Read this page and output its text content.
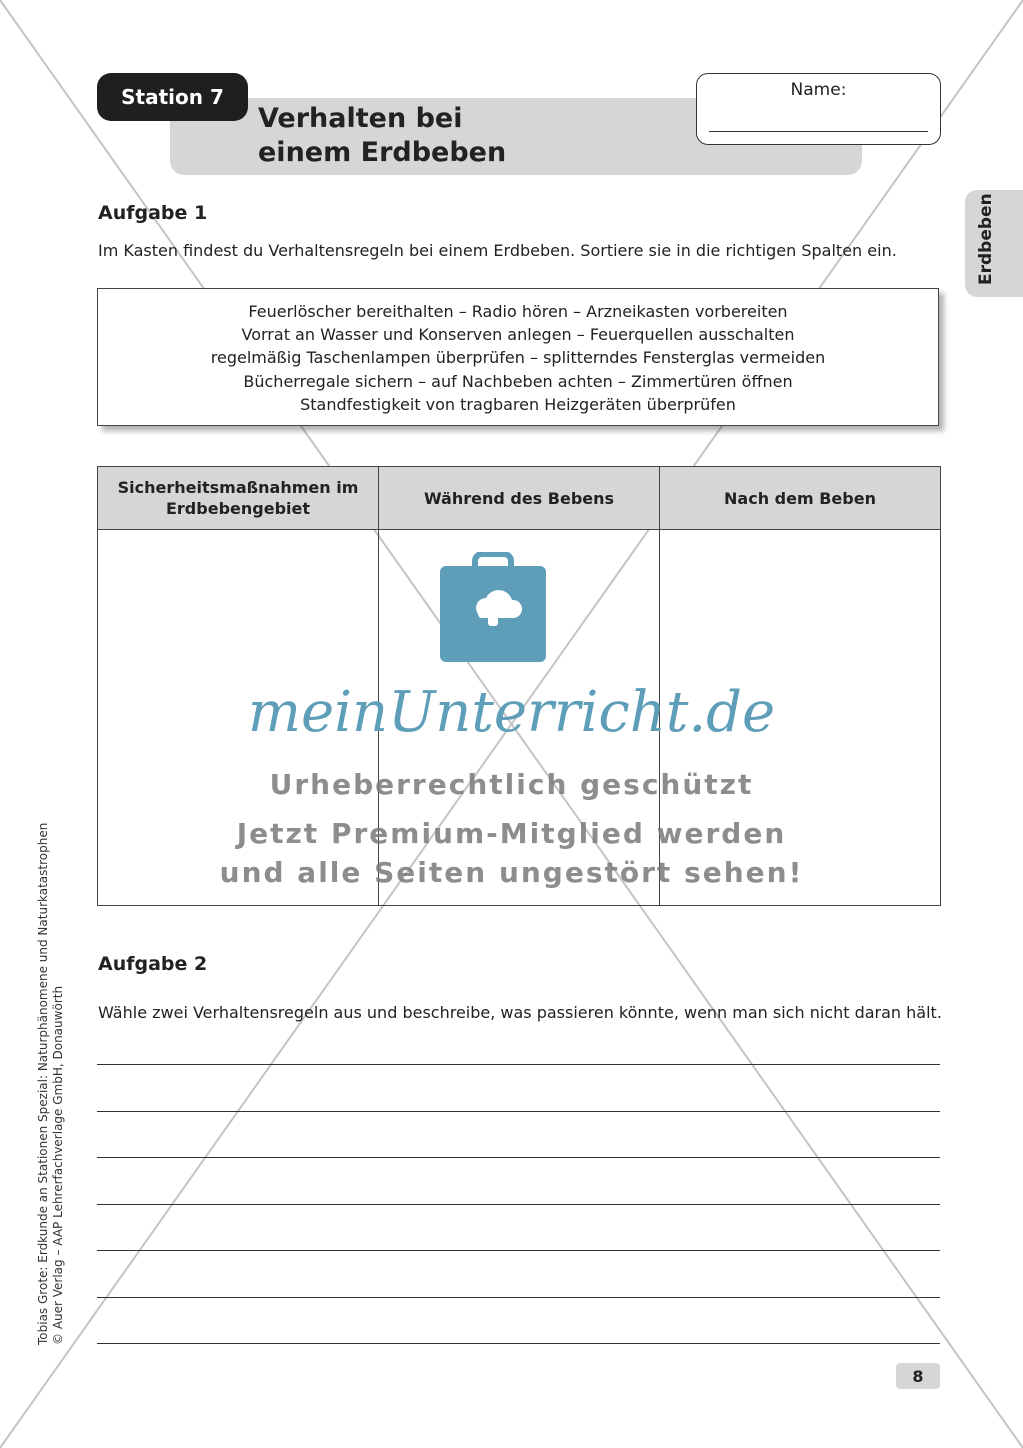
Station 7
Verhalten bei
einem Erdbeben
Name:
Erdbeben
Aufgabe 1
Im Kasten findest du Verhaltensregeln bei einem Erdbeben. Sortiere sie in die richtigen Spalten ein.
Feuerlöscher bereithalten – Radio hören – Arzneikasten vorbereiten
Vorrat an Wasser und Konserven anlegen – Feuerquellen ausschalten
regelmäßig Taschenlampen überprüfen – splitterndes Fensterglas vermeiden
Bücherregale sichern – auf Nachbeben achten – Zimmertüren öffnen
Standfestigkeit von tragbaren Heizgeräten überprüfen
Sicherheitsmaßnahmen im Erdbebengebiet	Während des Bebens	Nach dem Beben

Aufgabe 2
Wähle zwei Verhaltensregeln aus und beschreibe, was passieren könnte, wenn man sich nicht daran hält.
8
Tobias Grote: Erdkunde an Stationen Spezial: Naturphänomene und Naturkatastrophen © Auer Verlag – AAP Lehrerfachverlage GmbH, Donauwörth
meinUnterricht.de
Urheberrechtlich geschützt
Jetzt Premium-Mitglied werden
und alle Seiten ungestört sehen!
